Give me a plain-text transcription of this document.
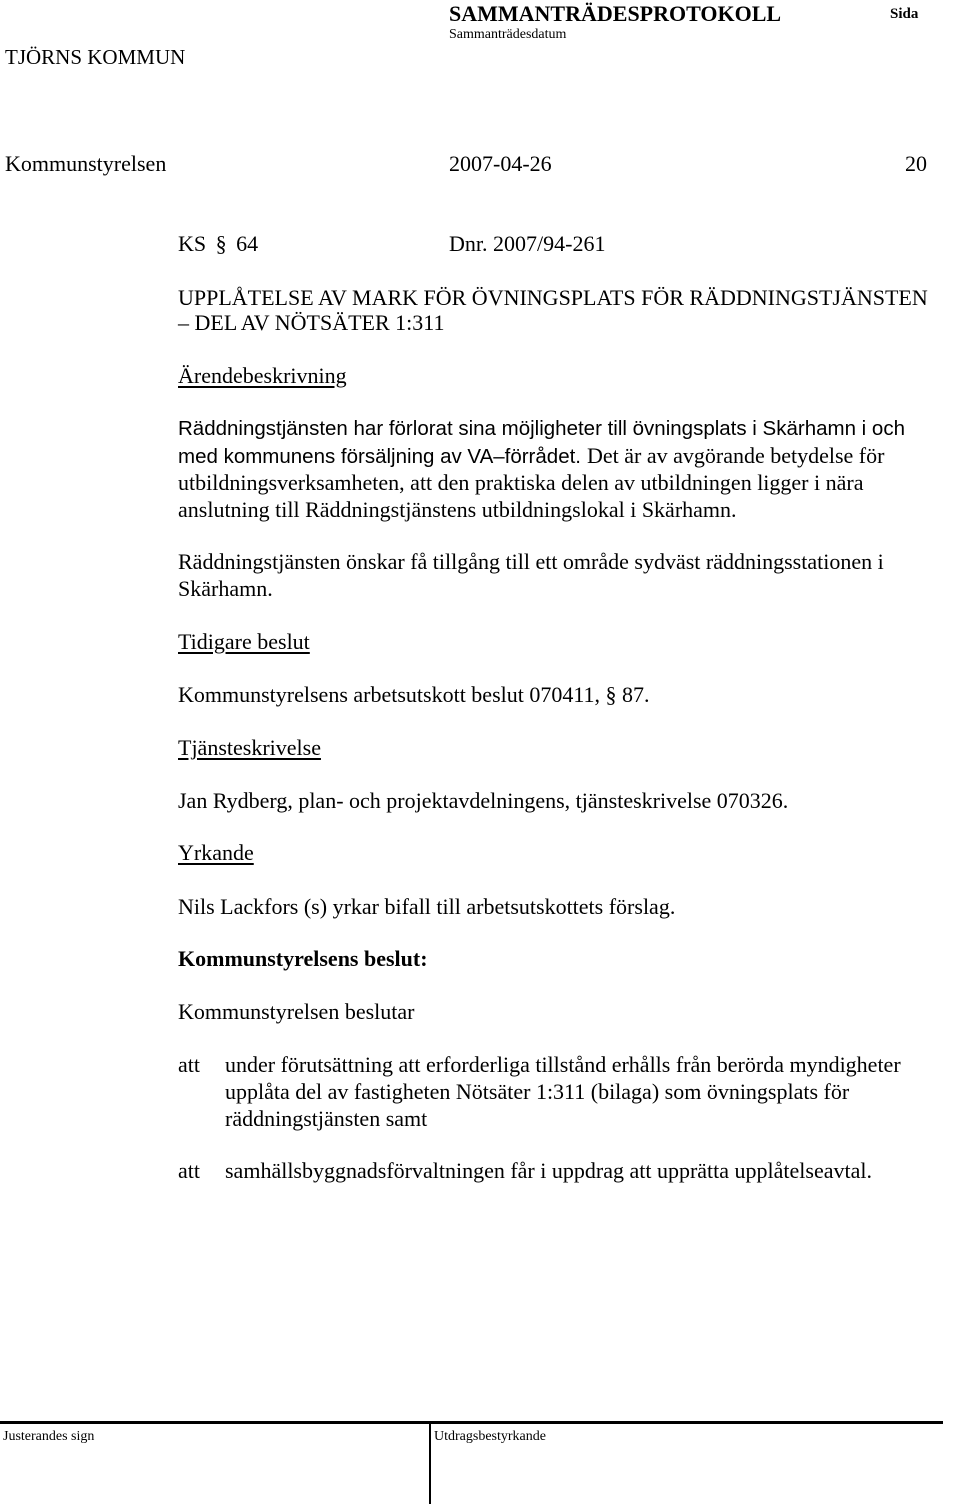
SAMMANTRÄDESPROTOKOLL	Sida
Sammanträdesdatum
TJÖRNS KOMMUN
Kommunstyrelsen	2007-04-26	20
KS § 64	Dnr. 2007/94-261
UPPLÅTELSE AV MARK FÖR ÖVNINGSPLATS FÖR RÄDDNINGSTJÄNSTEN
– DEL AV NÖTSÄTER 1:311
Ärendebeskrivning
Räddningstjänsten har förlorat sina möjligheter till övningsplats i Skärhamn i och
med kommunens försäljning av VA–förrådet. Det är av avgörande betydelse för
utbildningsverksamheten, att den praktiska delen av utbildningen ligger i nära
anslutning till Räddningstjänstens utbildningslokal i Skärhamn.
Räddningstjänsten önskar få tillgång till ett område sydväst räddningsstationen i
Skärhamn.
Tidigare beslut
Kommunstyrelsens arbetsutskott beslut 070411, § 87.
Tjänsteskrivelse
Jan Rydberg, plan- och projektavdelningens, tjänsteskrivelse 070326.
Yrkande
Nils Lackfors (s) yrkar bifall till arbetsutskottets förslag.
Kommunstyrelsens beslut:
Kommunstyrelsen beslutar
att under förutsättning att erforderliga tillstånd erhålls från berörda myndigheter
upplåta del av fastigheten Nötsäter 1:311 (bilaga) som övningsplats för
räddningstjänsten samt
att samhällsbyggnadsförvaltningen får i uppdrag att upprätta upplåtelseavtal.
Justerandes sign	Utdragsbestyrkande
